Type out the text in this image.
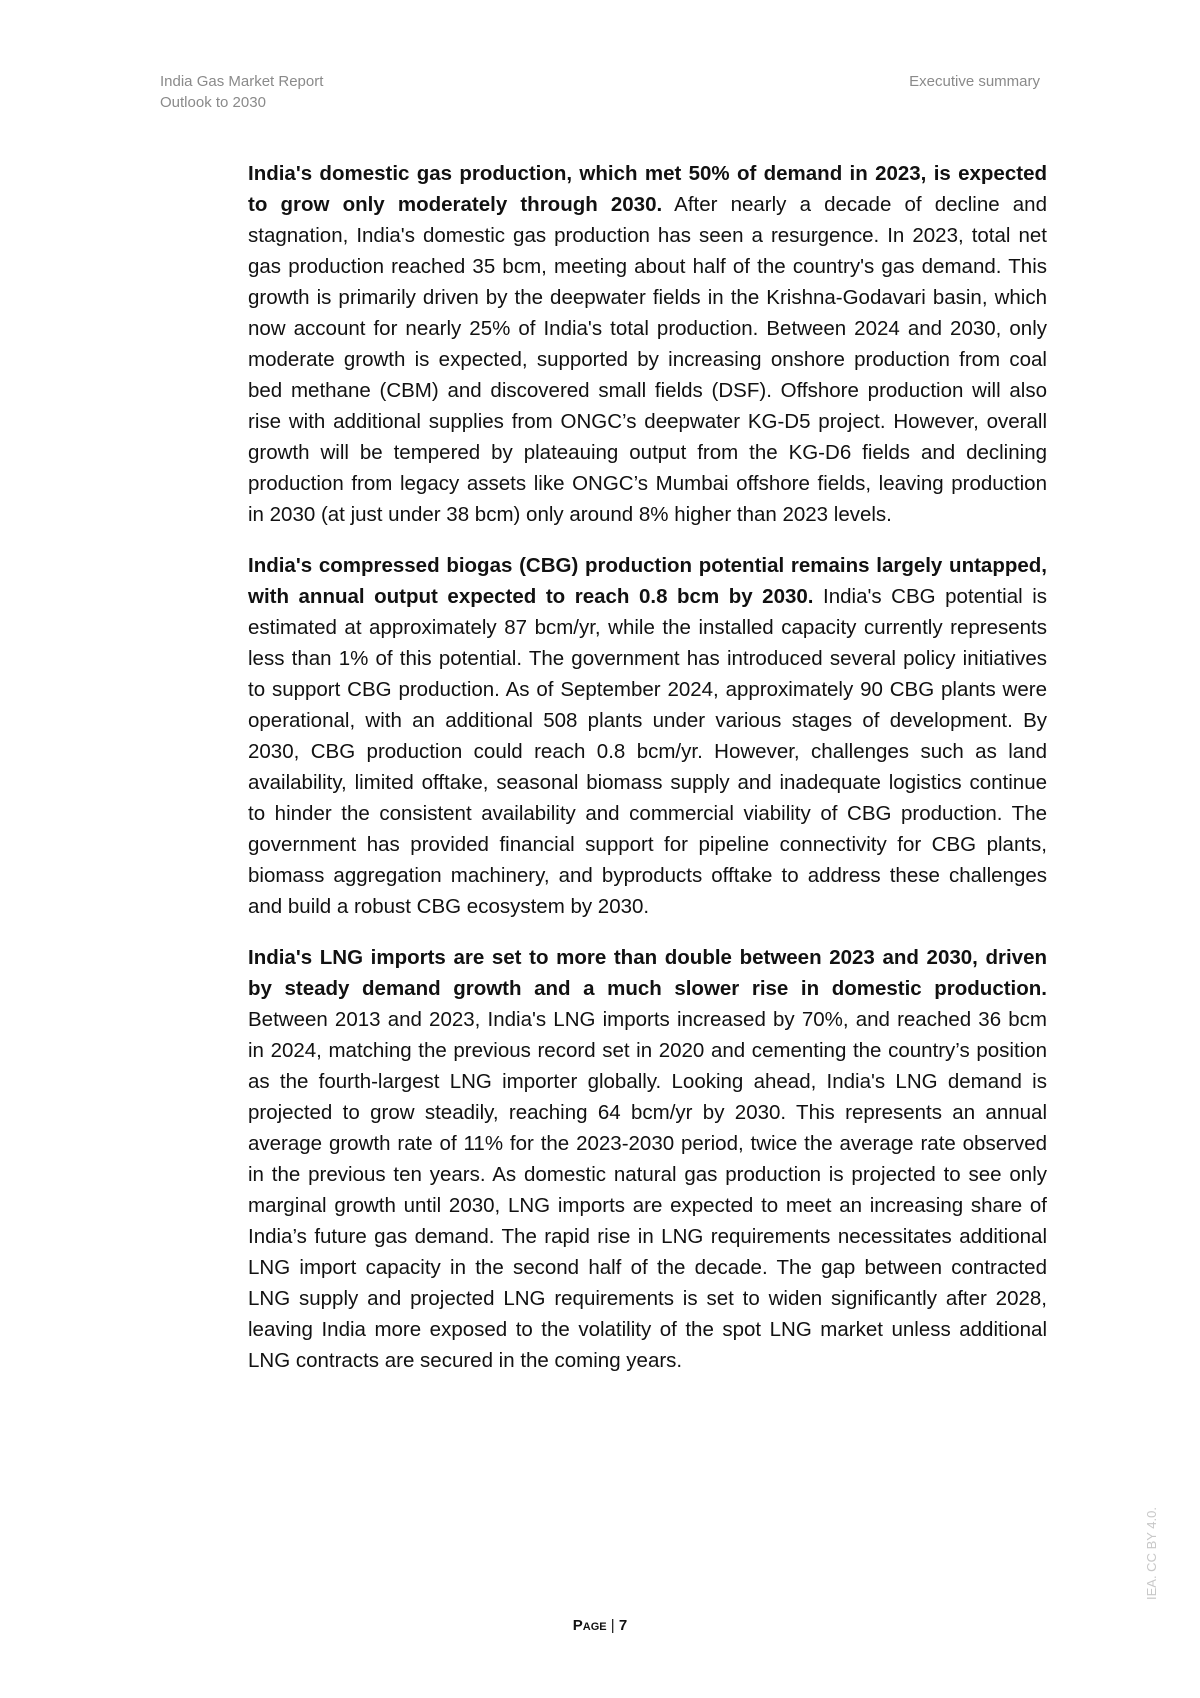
India Gas Market Report
Outlook to 2030
Executive summary

India's domestic gas production, which met 50% of demand in 2023, is expected to grow only moderately through 2030. After nearly a decade of decline and stagnation, India's domestic gas production has seen a resurgence. In 2023, total net gas production reached 35 bcm, meeting about half of the country's gas demand. This growth is primarily driven by the deepwater fields in the Krishna-Godavari basin, which now account for nearly 25% of India's total production. Between 2024 and 2030, only moderate growth is expected, supported by increasing onshore production from coal bed methane (CBM) and discovered small fields (DSF). Offshore production will also rise with additional supplies from ONGC’s deepwater KG-D5 project. However, overall growth will be tempered by plateauing output from the KG-D6 fields and declining production from legacy assets like ONGC’s Mumbai offshore fields, leaving production in 2030 (at just under 38 bcm) only around 8% higher than 2023 levels.

India's compressed biogas (CBG) production potential remains largely untapped, with annual output expected to reach 0.8 bcm by 2030. India's CBG potential is estimated at approximately 87 bcm/yr, while the installed capacity currently represents less than 1% of this potential. The government has introduced several policy initiatives to support CBG production. As of September 2024, approximately 90 CBG plants were operational, with an additional 508 plants under various stages of development. By 2030, CBG production could reach 0.8 bcm/yr. However, challenges such as land availability, limited offtake, seasonal biomass supply and inadequate logistics continue to hinder the consistent availability and commercial viability of CBG production. The government has provided financial support for pipeline connectivity for CBG plants, biomass aggregation machinery, and byproducts offtake to address these challenges and build a robust CBG ecosystem by 2030.

India's LNG imports are set to more than double between 2023 and 2030, driven by steady demand growth and a much slower rise in domestic production. Between 2013 and 2023, India's LNG imports increased by 70%, and reached 36 bcm in 2024, matching the previous record set in 2020 and cementing the country’s position as the fourth-largest LNG importer globally. Looking ahead, India's LNG demand is projected to grow steadily, reaching 64 bcm/yr by 2030. This represents an annual average growth rate of 11% for the 2023-2030 period, twice the average rate observed in the previous ten years. As domestic natural gas production is projected to see only marginal growth until 2030, LNG imports are expected to meet an increasing share of India’s future gas demand. The rapid rise in LNG requirements necessitates additional LNG import capacity in the second half of the decade. The gap between contracted LNG supply and projected LNG requirements is set to widen significantly after 2028, leaving India more exposed to the volatility of the spot LNG market unless additional LNG contracts are secured in the coming years.

Page | 7
IEA. CC BY 4.0.
